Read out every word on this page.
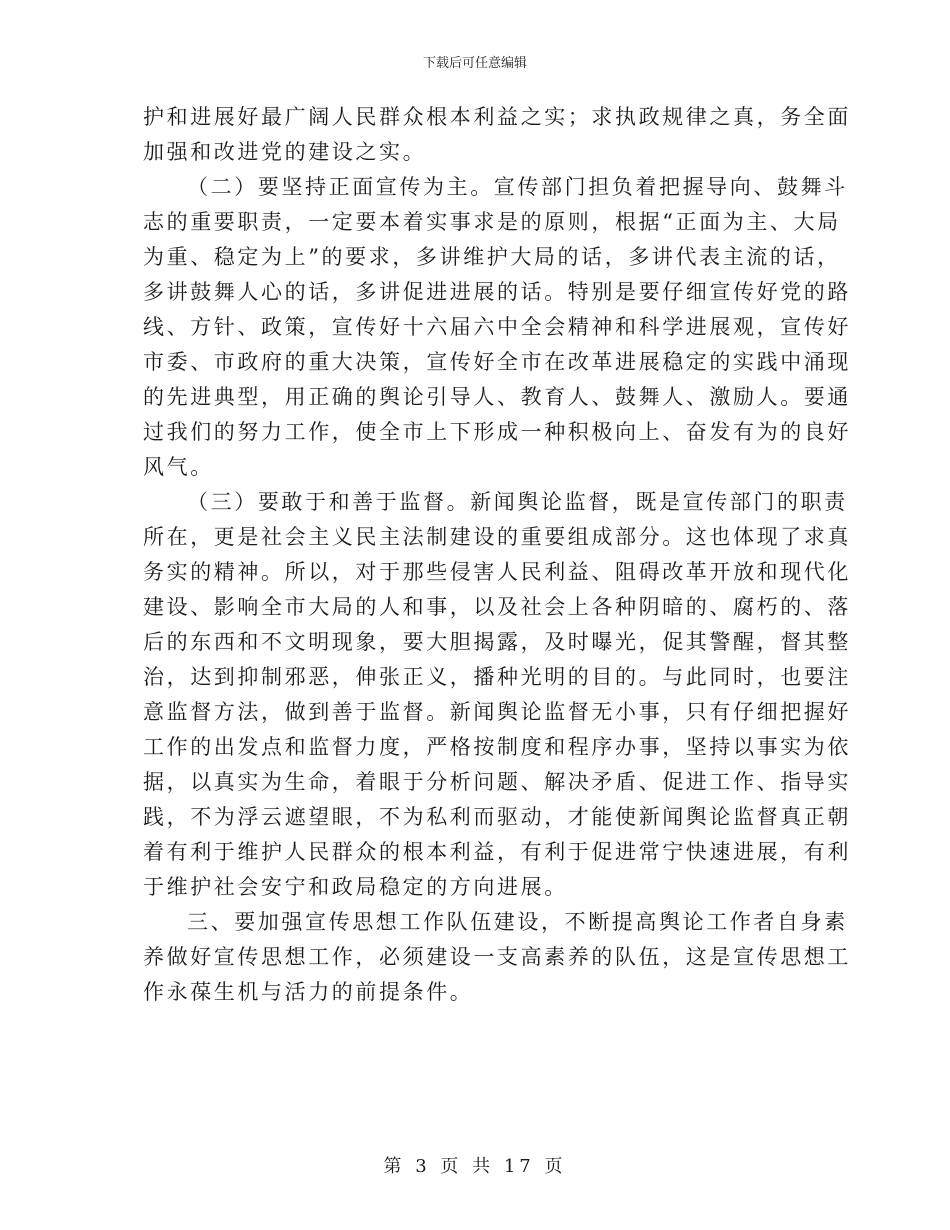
下载后可任意编辑
护和进展好最广阔人民群众根本利益之实；求执政规律之真，务全面
加强和改进党的建设之实。
（二）要坚持正面宣传为主。宣传部门担负着把握导向、鼓舞斗
志的重要职责，一定要本着实事求是的原则，根据“正面为主、大局
为重、稳定为上”的要求，多讲维护大局的话，多讲代表主流的话，
多讲鼓舞人心的话，多讲促进进展的话。特别是要仔细宣传好党的路
线、方针、政策，宣传好十六届六中全会精神和科学进展观，宣传好
市委、市政府的重大决策，宣传好全市在改革进展稳定的实践中涌现
的先进典型，用正确的舆论引导人、教育人、鼓舞人、激励人。要通
过我们的努力工作，使全市上下形成一种积极向上、奋发有为的良好
风气。
（三）要敢于和善于监督。新闻舆论监督，既是宣传部门的职责
所在，更是社会主义民主法制建设的重要组成部分。这也体现了求真
务实的精神。所以，对于那些侵害人民利益、阻碍改革开放和现代化
建设、影响全市大局的人和事，以及社会上各种阴暗的、腐朽的、落
后的东西和不文明现象，要大胆揭露，及时曝光，促其警醒，督其整
治，达到抑制邪恶，伸张正义，播种光明的目的。与此同时，也要注
意监督方法，做到善于监督。新闻舆论监督无小事，只有仔细把握好
工作的出发点和监督力度，严格按制度和程序办事，坚持以事实为依
据，以真实为生命，着眼于分析问题、解决矛盾、促进工作、指导实
践，不为浮云遮望眼，不为私利而驱动，才能使新闻舆论监督真正朝
着有利于维护人民群众的根本利益，有利于促进常宁快速进展，有利
于维护社会安宁和政局稳定的方向进展。
三、要加强宣传思想工作队伍建设，不断提高舆论工作者自身素
养做好宣传思想工作，必须建设一支高素养的队伍，这是宣传思想工
作永葆生机与活力的前提条件。
第 3 页 共 17 页
